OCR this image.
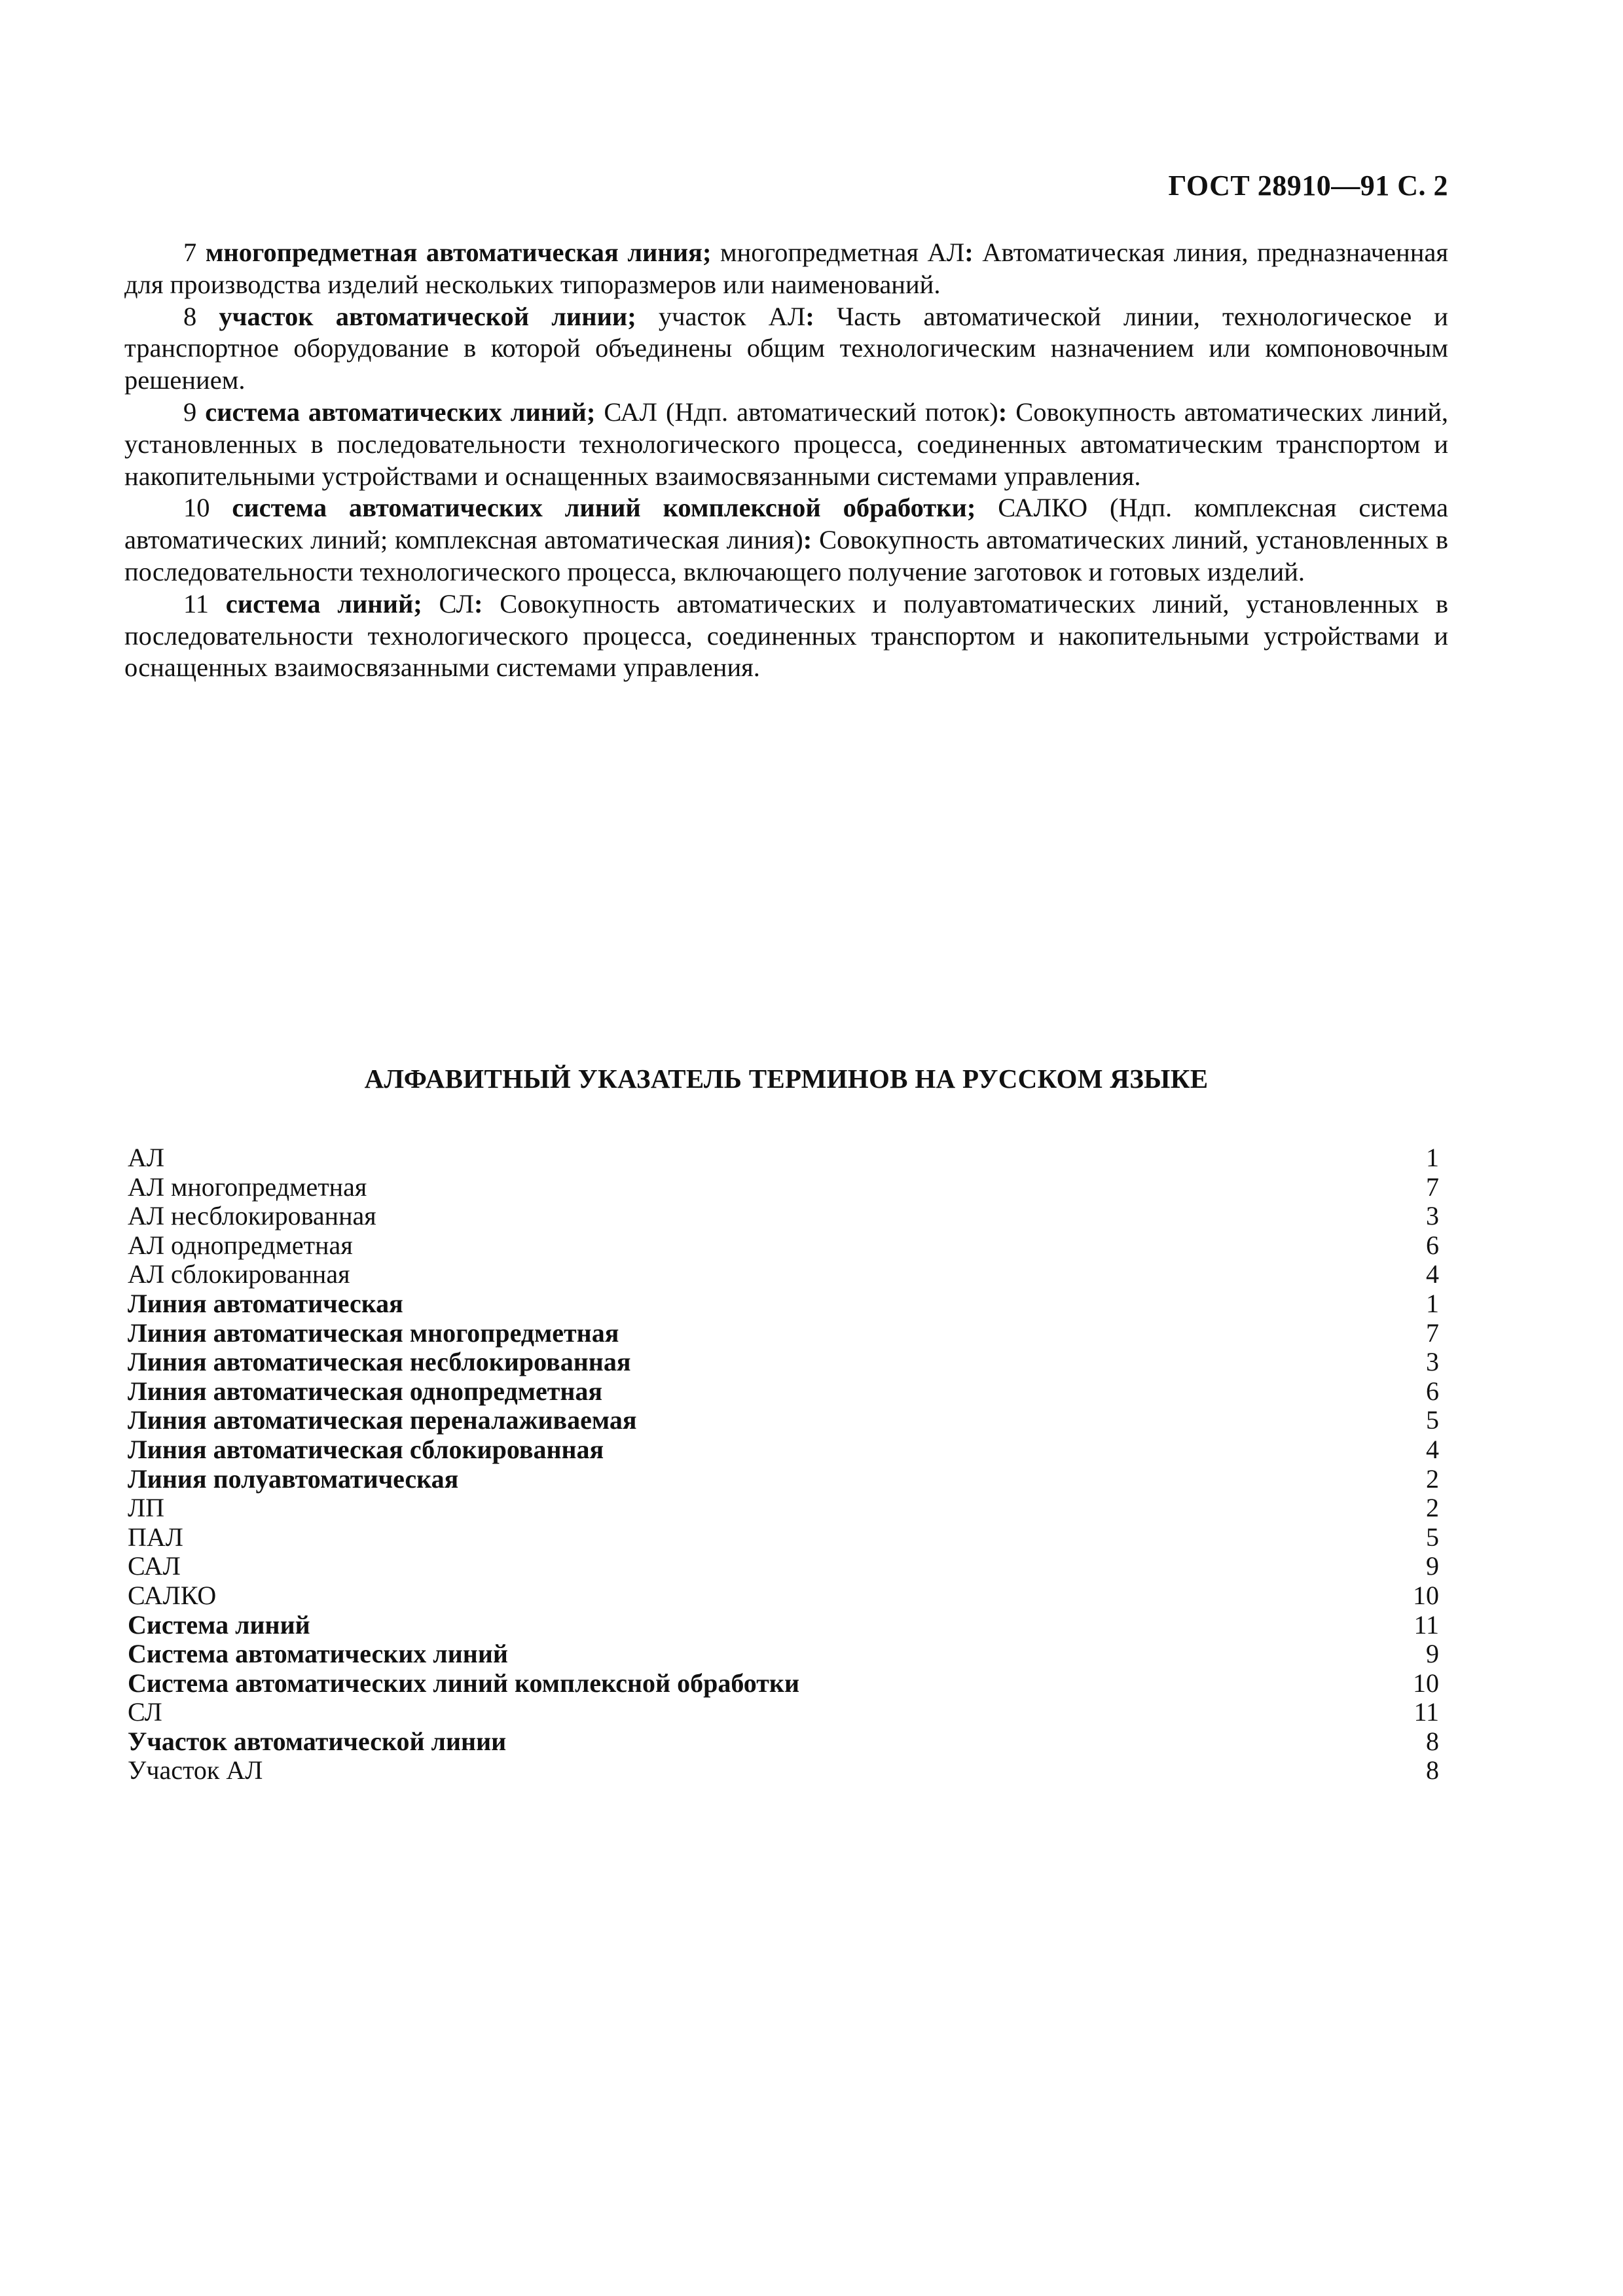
ГОСТ 28910—91 С. 2

7 многопредметная автоматическая линия; многопредметная АЛ: Автоматическая линия, предназначенная для производства изделий нескольких типоразмеров или наименований.

8 участок автоматической линии; участок АЛ: Часть автоматической линии, технологическое и транспортное оборудование в которой объединены общим технологическим назначением или компоновочным решением.

9 система автоматических линий; САЛ (Ндп. автоматический поток): Совокупность автоматических линий, установленных в последовательности технологического процесса, соединенных автоматическим транспортом и накопительными устройствами и оснащенных взаимосвязанными системами управления.

10 система автоматических линий комплексной обработки; САЛКО (Ндп. комплексная система автоматических линий; комплексная автоматическая линия): Совокупность автоматических линий, установленных в последовательности технологического процесса, включающего получение заготовок и готовых изделий.

11 система линий; СЛ: Совокупность автоматических и полуавтоматических линий, установленных в последовательности технологического процесса, соединенных транспортом и накопительными устройствами и оснащенных взаимосвязанными системами управления.

АЛФАВИТНЫЙ УКАЗАТЕЛЬ ТЕРМИНОВ НА РУССКОМ ЯЗЫКЕ
АЛ	1
АЛ многопредметная	7
АЛ несблокированная	3
АЛ однопредметная	6
АЛ сблокированная	4
Линия автоматическая	1
Линия автоматическая многопредметная	7
Линия автоматическая несблокированная	3
Линия автоматическая однопредметная	6
Линия автоматическая переналаживаемая	5
Линия автоматическая сблокированная	4
Линия полуавтоматическая	2
ЛП	2
ПАЛ	5
САЛ	9
САЛКО	10
Система линий	11
Система автоматических линий	9
Система автоматических линий комплексной обработки	10
СЛ	11
Участок автоматической линии	8
Участок АЛ	8
